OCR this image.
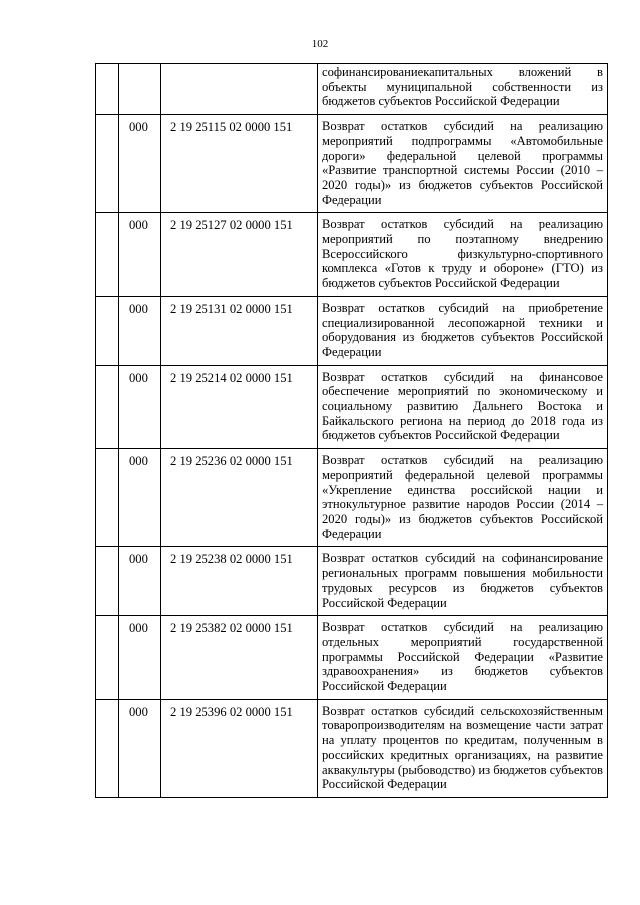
102
			софинансированиекапитальных вложений в объекты муниципальной собственности из бюджетов субъектов Российской Федерации
	000	2 19 25115 02 0000 151	Возврат остатков субсидий на реализацию мероприятий подпрограммы «Автомобильные дороги» федеральной целевой программы «Развитие транспортной системы России (2010 – 2020 годы)» из бюджетов субъектов Российской Федерации
	000	2 19 25127 02 0000 151	Возврат остатков субсидий на реализацию мероприятий по поэтапному внедрению Всероссийского физкультурно-спортивного комплекса «Готов к труду и обороне» (ГТО) из бюджетов субъектов Российской Федерации
	000	2 19 25131 02 0000 151	Возврат остатков субсидий на приобретение специализированной лесопожарной техники и оборудования из бюджетов субъектов Российской Федерации
	000	2 19 25214 02 0000 151	Возврат остатков субсидий на финансовое обеспечение мероприятий по экономическому и социальному развитию Дальнего Востока и Байкальского региона на период до 2018 года из бюджетов субъектов Российской Федерации
	000	2 19 25236 02 0000 151	Возврат остатков субсидий на реализацию мероприятий федеральной целевой программы «Укрепление единства российской нации и этнокультурное развитие народов России (2014 – 2020 годы)» из бюджетов субъектов Российской Федерации
	000	2 19 25238 02 0000 151	Возврат остатков субсидий на софинансирование региональных программ повышения мобильности трудовых ресурсов из бюджетов субъектов Российской Федерации
	000	2 19 25382 02 0000 151	Возврат остатков субсидий на реализацию отдельных мероприятий государственной программы Российской Федерации «Развитие здравоохранения» из бюджетов субъектов Российской Федерации
	000	2 19 25396 02 0000 151	Возврат остатков субсидий сельскохозяйственным товаропроизводителям на возмещение части затрат на уплату процентов по кредитам, полученным в российских кредитных организациях, на развитие аквакультуры (рыбоводство) из бюджетов субъектов Российской Федерации
